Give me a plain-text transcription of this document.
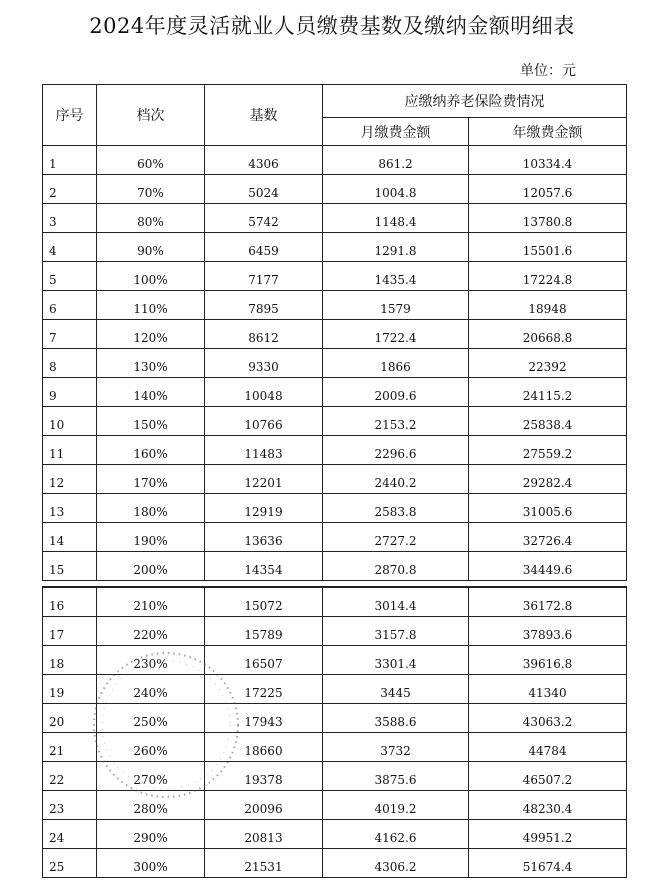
2024年度灵活就业人员缴费基数及缴纳金额明细表
单位：元
序号	档次	基数	应缴纳养老保险费情况	
			月缴费金额	年缴费金额
1	60%	4306	861.2	10334.4
2	70%	5024	1004.8	12057.6
3	80%	5742	1148.4	13780.8
4	90%	6459	1291.8	15501.6
5	100%	7177	1435.4	17224.8
6	110%	7895	1579	18948
7	120%	8612	1722.4	20668.8
8	130%	9330	1866	22392
9	140%	10048	2009.6	24115.2
10	150%	10766	2153.2	25838.4
11	160%	11483	2296.6	27559.2
12	170%	12201	2440.2	29282.4
13	180%	12919	2583.8	31005.6
14	190%	13636	2727.2	32726.4
15	200%	14354	2870.8	34449.6
16	210%	15072	3014.4	36172.8
17	220%	15789	3157.8	37893.6
18	230%	16507	3301.4	39616.8
19	240%	17225	3445	41340
20	250%	17943	3588.6	43063.2
21	260%	18660	3732	44784
22	270%	19378	3875.6	46507.2
23	280%	20096	4019.2	48230.4
24	290%	20813	4162.6	49951.2
25	300%	21531	4306.2	51674.4
